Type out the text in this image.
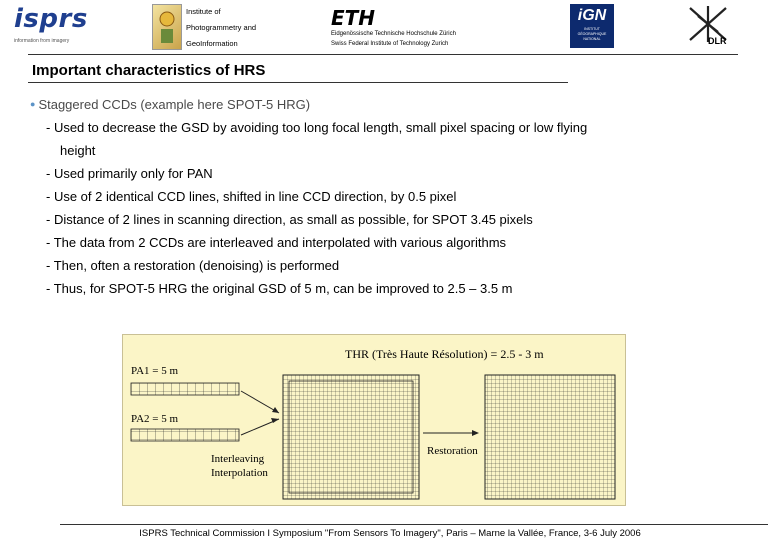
isprs
information from imagery
Institute of
Photogrammetry and
GeoInformation
ETH
Eidgenössische Technische Hochschule Zürich
Swiss Federal Institute of Technology Zurich
iGN
INSTITUT
GÉOGRAPHIQUE
NATIONAL	DLR
Important characteristics of HRS
● Staggered CCDs (example here SPOT-5 HRG)
- Used to decrease the GSD by avoiding too long focal length, small pixel spacing or low flying
height
- Used primarily only for PAN
- Use of 2 identical CCD lines, shifted in line CCD direction, by 0.5 pixel
- Distance of 2 lines in scanning direction, as small as possible, for SPOT 3.45 pixels
- The data from 2 CCDs are interleaved and interpolated with various algorithms
- Then, often a restoration (denoising) is performed
- Thus, for SPOT-5 HRG the original GSD of 5 m, can be improved to 2.5 – 3.5 m
THR (Très Haute Résolution) = 2.5 - 3 m
PA1 = 5 m
PA2 = 5 m
Interleaving
Interpolation
Restoration
ISPRS Technical Commission I Symposium "From Sensors To Imagery", Paris – Marne la Vallée, France, 3-6 July 2006
